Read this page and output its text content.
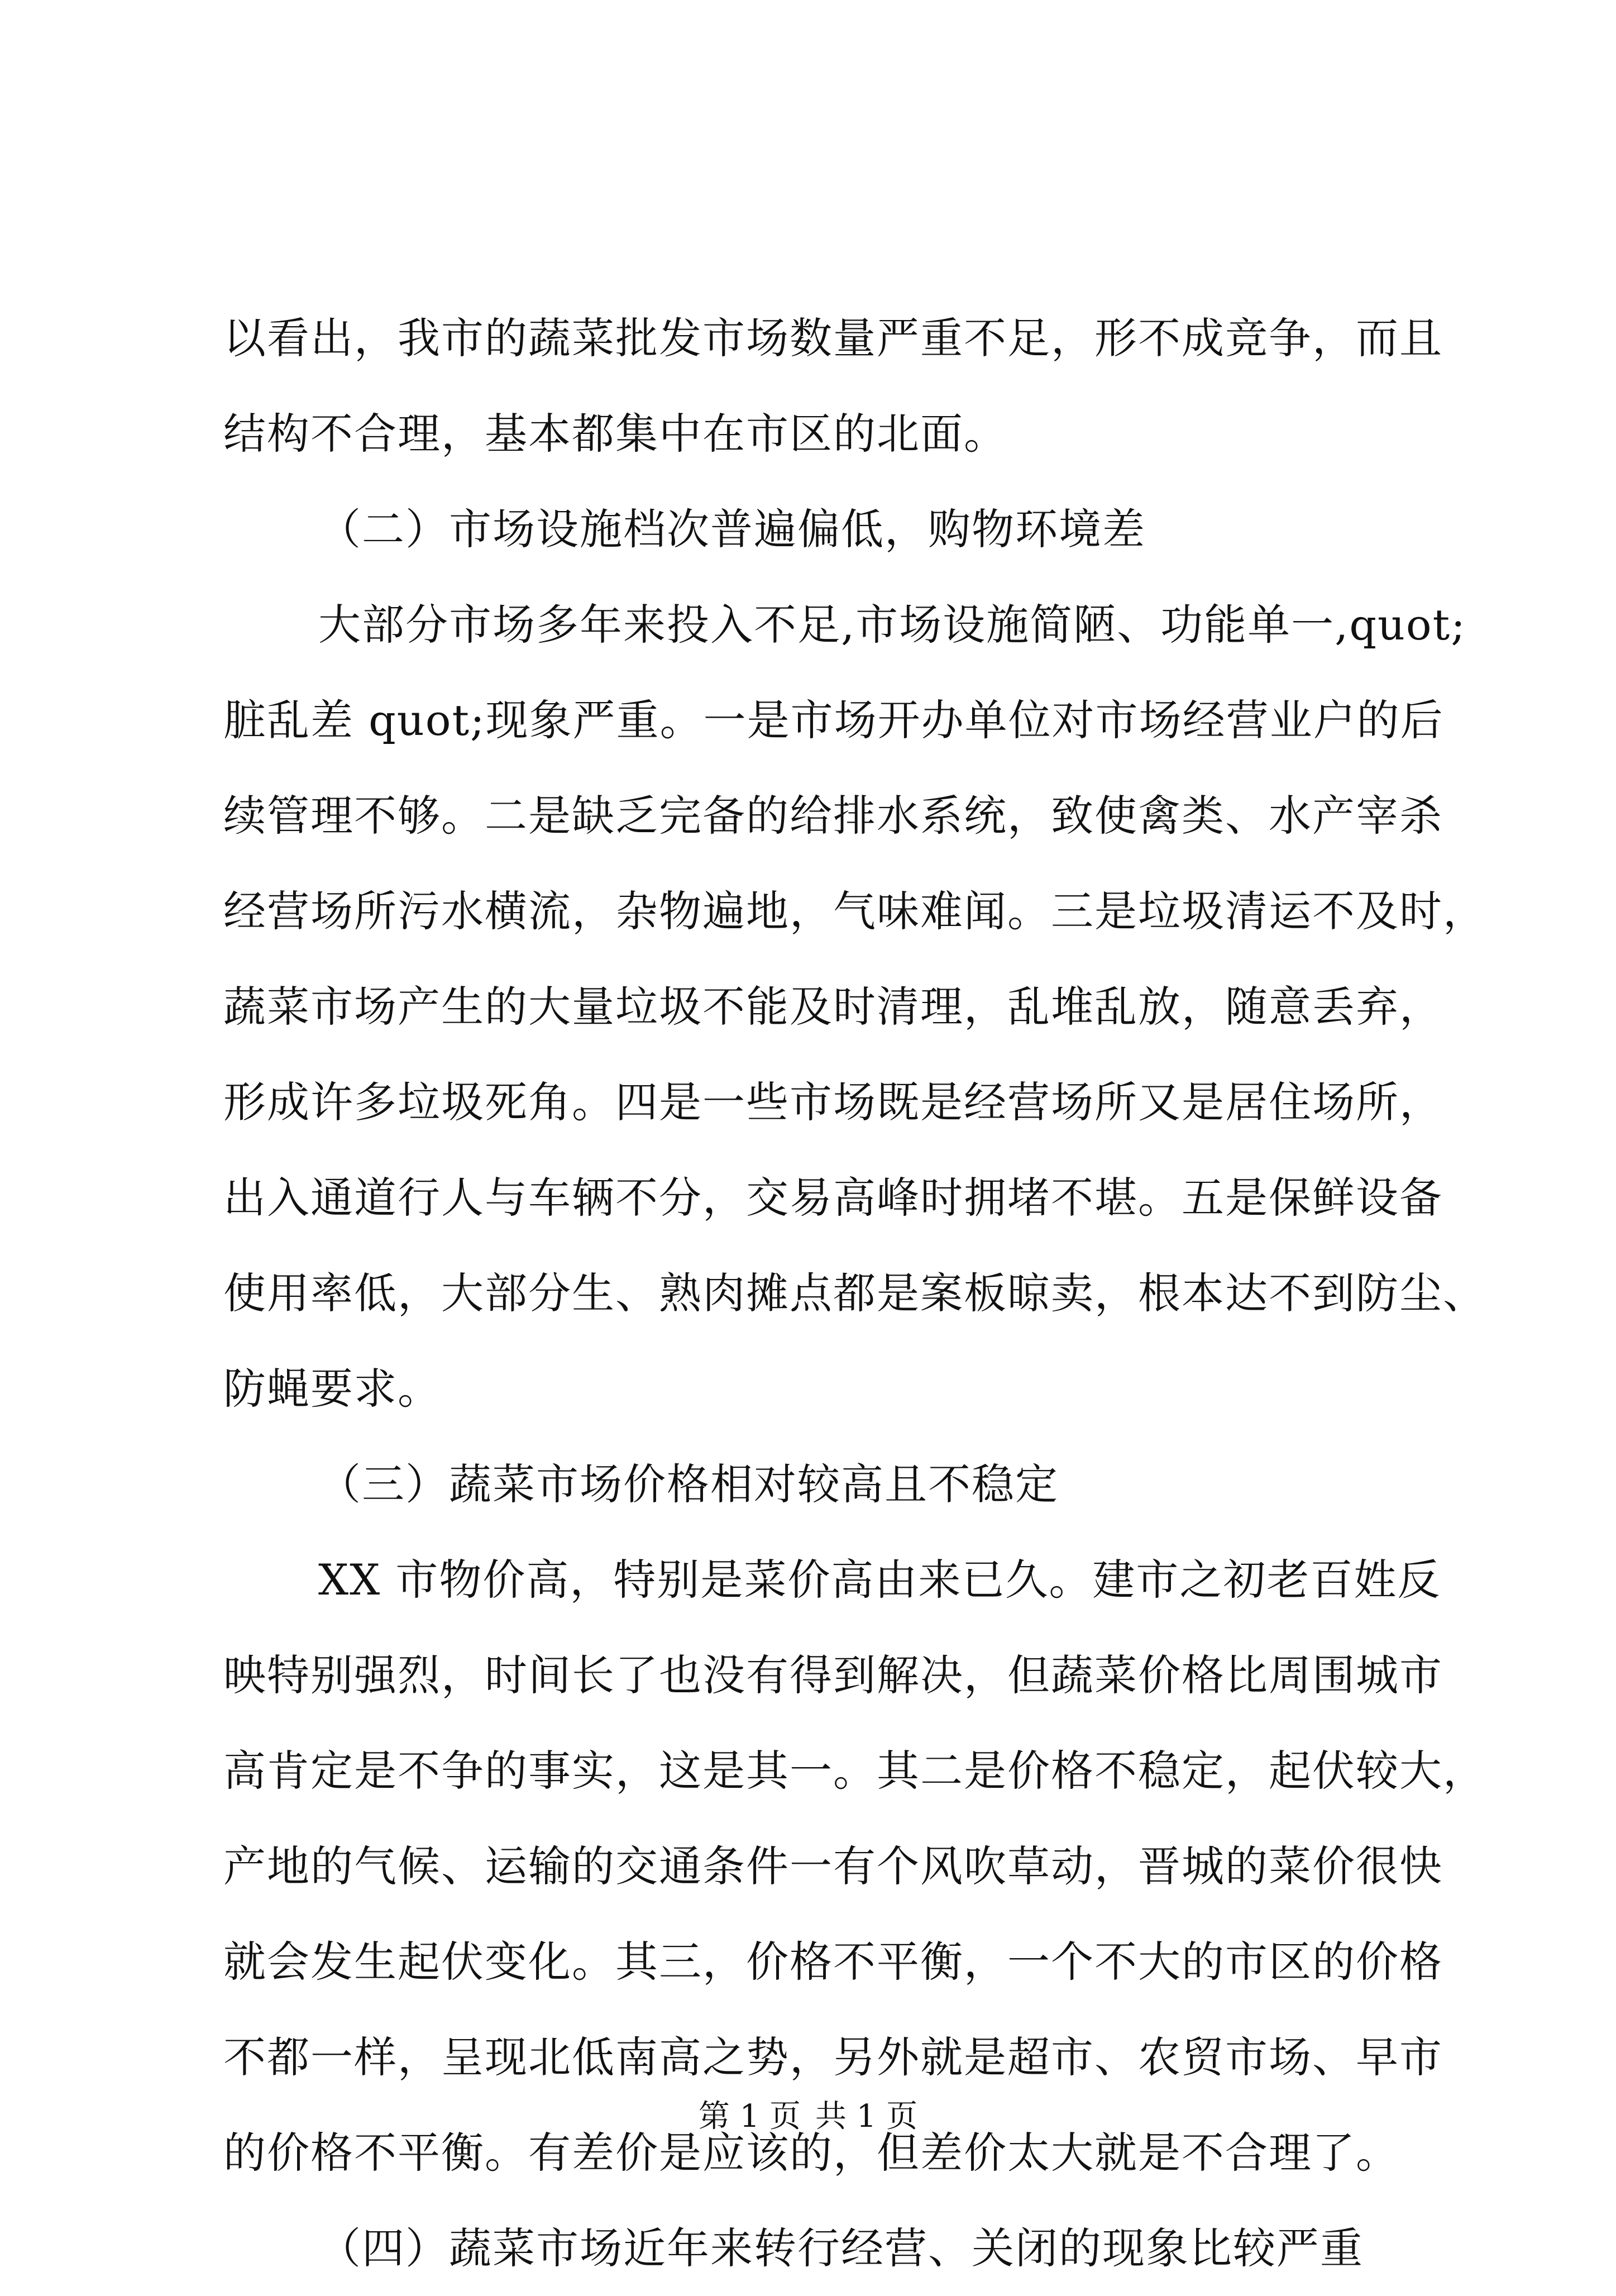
以看出，我市的蔬菜批发市场数量严重不足，形不成竞争，而且
结构不合理，基本都集中在市区的北面。
（二）市场设施档次普遍偏低，购物环境差
大部分市场多年来投入不足,市场设施简陋、功能单一,quot;
脏乱差 quot;现象严重。一是市场开办单位对市场经营业户的后
续管理不够。二是缺乏完备的给排水系统，致使禽类、水产宰杀
经营场所污水横流，杂物遍地，气味难闻。三是垃圾清运不及时，
蔬菜市场产生的大量垃圾不能及时清理，乱堆乱放，随意丢弃，
形成许多垃圾死角。四是一些市场既是经营场所又是居住场所，
出入通道行人与车辆不分，交易高峰时拥堵不堪。五是保鲜设备
使用率低，大部分生、熟肉摊点都是案板晾卖，根本达不到防尘、
防蝇要求。
（三）蔬菜市场价格相对较高且不稳定
XX 市物价高，特别是菜价高由来已久。建市之初老百姓反
映特别强烈，时间长了也没有得到解决，但蔬菜价格比周围城市
高肯定是不争的事实，这是其一。其二是价格不稳定，起伏较大，
产地的气候、运输的交通条件一有个风吹草动，晋城的菜价很快
就会发生起伏变化。其三，价格不平衡，一个不大的市区的价格
不都一样，呈现北低南高之势，另外就是超市、农贸市场、早市
的价格不平衡。有差价是应该的，但差价太大就是不合理了。
（四）蔬菜市场近年来转行经营、关闭的现象比较严重
第 1 页 共 1 页
